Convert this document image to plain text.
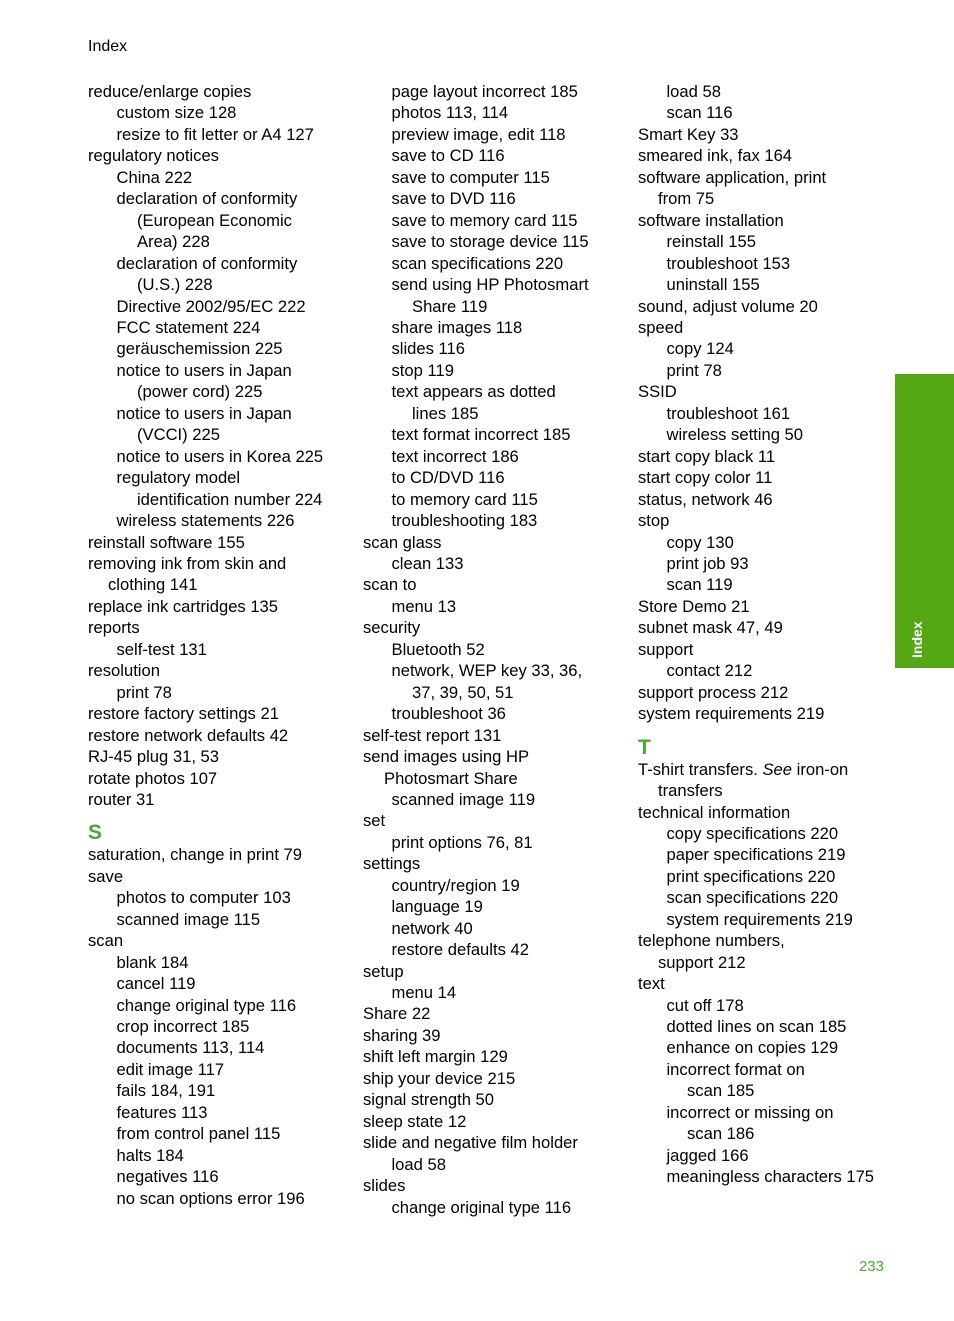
Index
reduce/enlarge copies
custom size 128
resize to fit letter or A4 127
regulatory notices
China 222
declaration of conformity
(European Economic
Area) 228
declaration of conformity
(U.S.) 228
Directive 2002/95/EC 222
FCC statement 224
geräuschemission 225
notice to users in Japan
(power cord) 225
notice to users in Japan
(VCCI) 225
notice to users in Korea 225
regulatory model
identification number 224
wireless statements 226
reinstall software 155
removing ink from skin and
clothing 141
replace ink cartridges 135
reports
self-test 131
resolution
print 78
restore factory settings 21
restore network defaults 42
RJ-45 plug 31, 53
rotate photos 107
router 31
S
saturation, change in print 79
save
photos to computer 103
scanned image 115
scan
blank 184
cancel 119
change original type 116
crop incorrect 185
documents 113, 114
edit image 117
fails 184, 191
features 113
from control panel 115
halts 184
negatives 116
no scan options error 196
page layout incorrect 185
photos 113, 114
preview image, edit 118
save to CD 116
save to computer 115
save to DVD 116
save to memory card 115
save to storage device 115
scan specifications 220
send using HP Photosmart
Share 119
share images 118
slides 116
stop 119
text appears as dotted
lines 185
text format incorrect 185
text incorrect 186
to CD/DVD 116
to memory card 115
troubleshooting 183
scan glass
clean 133
scan to
menu 13
security
Bluetooth 52
network, WEP key 33, 36,
37, 39, 50, 51
troubleshoot 36
self-test report 131
send images using HP
Photosmart Share
scanned image 119
set
print options 76, 81
settings
country/region 19
language 19
network 40
restore defaults 42
setup
menu 14
Share 22
sharing 39
shift left margin 129
ship your device 215
signal strength 50
sleep state 12
slide and negative film holder
load 58
slides
change original type 116
load 58
scan 116
Smart Key 33
smeared ink, fax 164
software application, print
from 75
software installation
reinstall 155
troubleshoot 153
uninstall 155
sound, adjust volume 20
speed
copy 124
print 78
SSID
troubleshoot 161
wireless setting 50
start copy black 11
start copy color 11
status, network 46
stop
copy 130
print job 93
scan 119
Store Demo 21
subnet mask 47, 49
support
contact 212
support process 212
system requirements 219
T
T-shirt transfers. See iron-on
transfers
technical information
copy specifications 220
paper specifications 219
print specifications 220
scan specifications 220
system requirements 219
telephone numbers,
support 212
text
cut off 178
dotted lines on scan 185
enhance on copies 129
incorrect format on
scan 185
incorrect or missing on
scan 186
jagged 166
meaningless characters 175
Index
233
